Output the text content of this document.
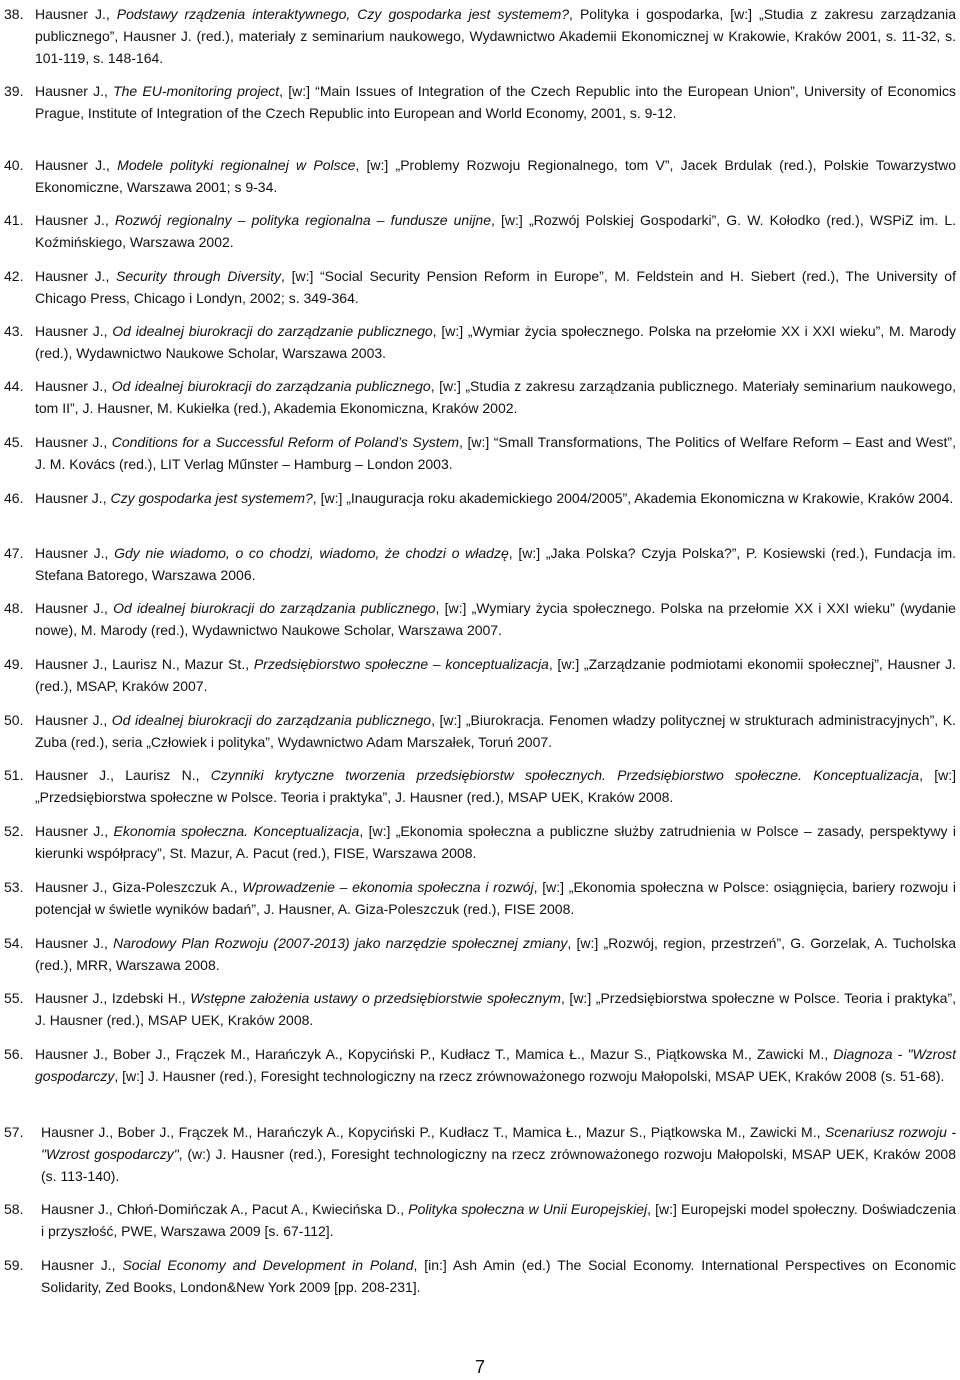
38. Hausner J., Podstawy rządzenia interaktywnego, Czy gospodarka jest systemem?, Polityka i gospodarka, [w:] „Studia z zakresu zarządzania publicznego”, Hausner J. (red.), materiały z seminarium naukowego, Wydawnictwo Akademii Ekonomicznej w Krakowie, Kraków 2001, s. 11-32, s. 101-119, s. 148-164.
39. Hausner J., The EU-monitoring project, [w:] “Main Issues of Integration of the Czech Republic into the European Union”, University of Economics Prague, Institute of Integration of the Czech Republic into European and World Economy, 2001, s. 9-12.
40. Hausner J., Modele polityki regionalnej w Polsce, [w:] „Problemy Rozwoju Regionalnego, tom V”, Jacek Brdulak (red.), Polskie Towarzystwo Ekonomiczne, Warszawa 2001; s 9-34.
41. Hausner J., Rozwój regionalny – polityka regionalna – fundusze unijne, [w:] „Rozwój Polskiej Gospodarki”, G. W. Kołodko (red.), WSPiZ im. L. Koźmińskiego, Warszawa 2002.
42. Hausner J., Security through Diversity, [w:] “Social Security Pension Reform in Europe”, M. Feldstein and H. Siebert (red.), The University of Chicago Press, Chicago i Londyn, 2002; s. 349-364.
43. Hausner J., Od idealnej biurokracji do zarządzanie publicznego, [w:] „Wymiar życia społecznego. Polska na przełomie XX i XXI wieku”, M. Marody (red.), Wydawnictwo Naukowe Scholar, Warszawa 2003.
44. Hausner J., Od idealnej biurokracji do zarządzania publicznego, [w:] „Studia z zakresu zarządzania publicznego. Materiały seminarium naukowego, tom II”, J. Hausner, M. Kukiełka (red.), Akademia Ekonomiczna, Kraków 2002.
45. Hausner J., Conditions for a Successful Reform of Poland’s System, [w:] “Small Transformations, The Politics of Welfare Reform – East and West”, J. M. Kovács (red.), LIT Verlag Műnster – Hamburg – London 2003.
46. Hausner J., Czy gospodarka jest systemem?, [w:] „Inauguracja roku akademickiego 2004/2005”, Akademia Ekonomiczna w Krakowie, Kraków 2004.
47. Hausner J., Gdy nie wiadomo, o co chodzi, wiadomo, że chodzi o władzę, [w:] „Jaka Polska? Czyja Polska?”, P. Kosiewski (red.), Fundacja im. Stefana Batorego, Warszawa 2006.
48. Hausner J., Od idealnej biurokracji do zarządzania publicznego, [w:] „Wymiary życia społecznego. Polska na przełomie XX i XXI wieku” (wydanie nowe), M. Marody (red.), Wydawnictwo Naukowe Scholar, Warszawa 2007.
49. Hausner J., Laurisz N., Mazur St., Przedsiębiorstwo społeczne – konceptualizacja, [w:] „Zarządzanie podmiotami ekonomii społecznej”, Hausner J. (red.), MSAP, Kraków 2007.
50. Hausner J., Od idealnej biurokracji do zarządzania publicznego, [w:] „Biurokracja. Fenomen władzy politycznej w strukturach administracyjnych”, K. Zuba (red.), seria „Człowiek i polityka”, Wydawnictwo Adam Marszałek, Toruń 2007.
51. Hausner J., Laurisz N., Czynniki krytyczne tworzenia przedsiębiorstw społecznych. Przedsiębiorstwo społeczne. Konceptualizacja, [w:] „Przedsiębiorstwa społeczne w Polsce. Teoria i praktyka”, J. Hausner (red.), MSAP UEK, Kraków 2008.
52. Hausner J., Ekonomia społeczna. Konceptualizacja, [w:] „Ekonomia społeczna a publiczne służby zatrudnienia w Polsce – zasady, perspektywy i kierunki współpracy”, St. Mazur, A. Pacut (red.), FISE, Warszawa 2008.
53. Hausner J., Giza-Poleszczuk A., Wprowadzenie – ekonomia społeczna i rozwój, [w:] „Ekonomia społeczna w Polsce: osiągnięcia, bariery rozwoju i potencjał w świetle wyników badań”, J. Hausner, A. Giza-Poleszczuk (red.), FISE 2008.
54. Hausner J., Narodowy Plan Rozwoju (2007-2013) jako narzędzie społecznej zmiany, [w:] „Rozwój, region, przestrzeń”, G. Gorzelak, A. Tucholska (red.), MRR, Warszawa 2008.
55. Hausner J., Izdebski H., Wstępne założenia ustawy o przedsiębiorstwie społecznym, [w:] „Przedsiębiorstwa społeczne w Polsce. Teoria i praktyka”, J. Hausner (red.), MSAP UEK, Kraków 2008.
56. Hausner J., Bober J., Frączek M., Harańczyk A., Kopyciński P., Kudłacz T., Mamica Ł., Mazur S., Piątkowska M., Zawicki M., Diagnoza - "Wzrost gospodarczy, [w:] J. Hausner (red.), Foresight technologiczny na rzecz zrównoważonego rozwoju Małopolski, MSAP UEK, Kraków 2008 (s. 51-68).
57.	Hausner J., Bober J., Frączek M., Harańczyk A., Kopyciński P., Kudłacz T., Mamica Ł., Mazur S., Piątkowska M., Zawicki M., Scenariusz rozwoju - "Wzrost gospodarczy", (w:) J. Hausner (red.), Foresight technologiczny na rzecz zrównoważonego rozwoju Małopolski, MSAP UEK, Kraków 2008 (s. 113-140).
58.	Hausner J., Chłoń-Domińczak A., Pacut A., Kwiecińska D., Polityka społeczna w Unii Europejskiej, [w:] Europejski model społeczny. Doświadczenia i przyszłość, PWE, Warszawa 2009 [s. 67-112].
59.	Hausner J., Social Economy and Development in Poland, [in:] Ash Amin (ed.) The Social Economy. International Perspectives on Economic Solidarity, Zed Books, London&New York 2009 [pp. 208-231].
7
